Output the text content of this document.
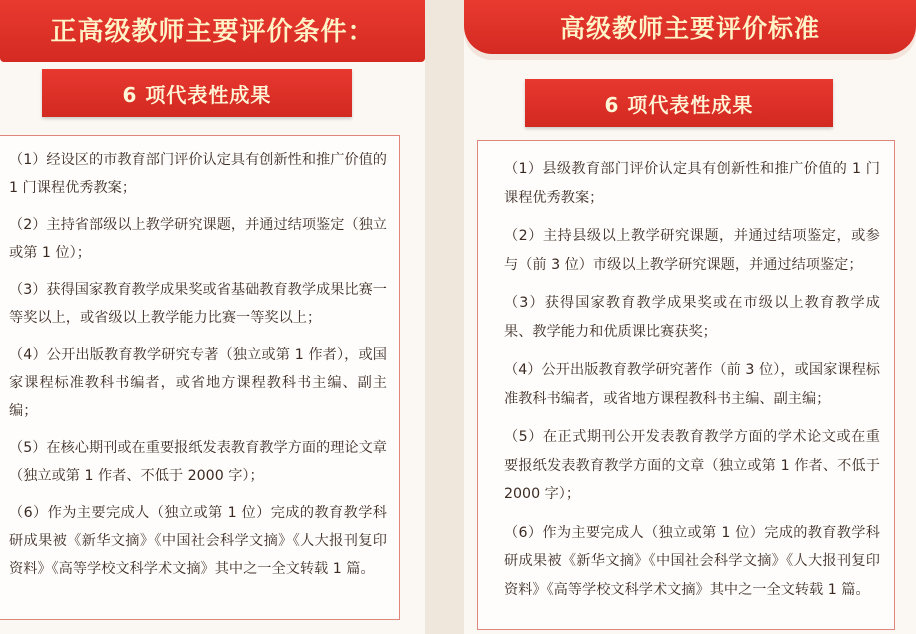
正高级教师主要评价条件：
6 项代表性成果

（1）经设区的市教育部门评价认定具有创新性和推广价值的 1 门课程优秀教案；

（2）主持省部级以上教学研究课题，并通过结项鉴定（独立或第 1 位）；

（3）获得国家教育教学成果奖或省基础教育教学成果比赛一等奖以上，或省级以上教学能力比赛一等奖以上；

（4）公开出版教育教学研究专著（独立或第 1 作者），或国家课程标准教科书编者，或省地方课程教科书主编、副主编；

（5）在核心期刊或在重要报纸发表教育教学方面的理论文章（独立或第 1 作者、不低于 2000 字）；

（6）作为主要完成人（独立或第 1 位）完成的教育教学科研成果被《新华文摘》《中国社会科学文摘》《人大报刊复印资料》《高等学校文科学术文摘》其中之一全文转载 1 篇。

高级教师主要评价标准
6 项代表性成果

（1）县级教育部门评价认定具有创新性和推广价值的 1 门课程优秀教案；

（2）主持县级以上教学研究课题，并通过结项鉴定，或参与（前 3 位）市级以上教学研究课题，并通过结项鉴定；

（3）获得国家教育教学成果奖或在市级以上教育教学成果、教学能力和优质课比赛获奖；

（4）公开出版教育教学研究著作（前 3 位），或国家课程标准教科书编者，或省地方课程教科书主编、副主编；

（5）在正式期刊公开发表教育教学方面的学术论文或在重要报纸发表教育教学方面的文章（独立或第 1 作者、不低于 2000 字）；

（6）作为主要完成人（独立或第 1 位）完成的教育教学科研成果被《新华文摘》《中国社会科学文摘》《人大报刊复印资料》《高等学校文科学术文摘》其中之一全文转载 1 篇。
